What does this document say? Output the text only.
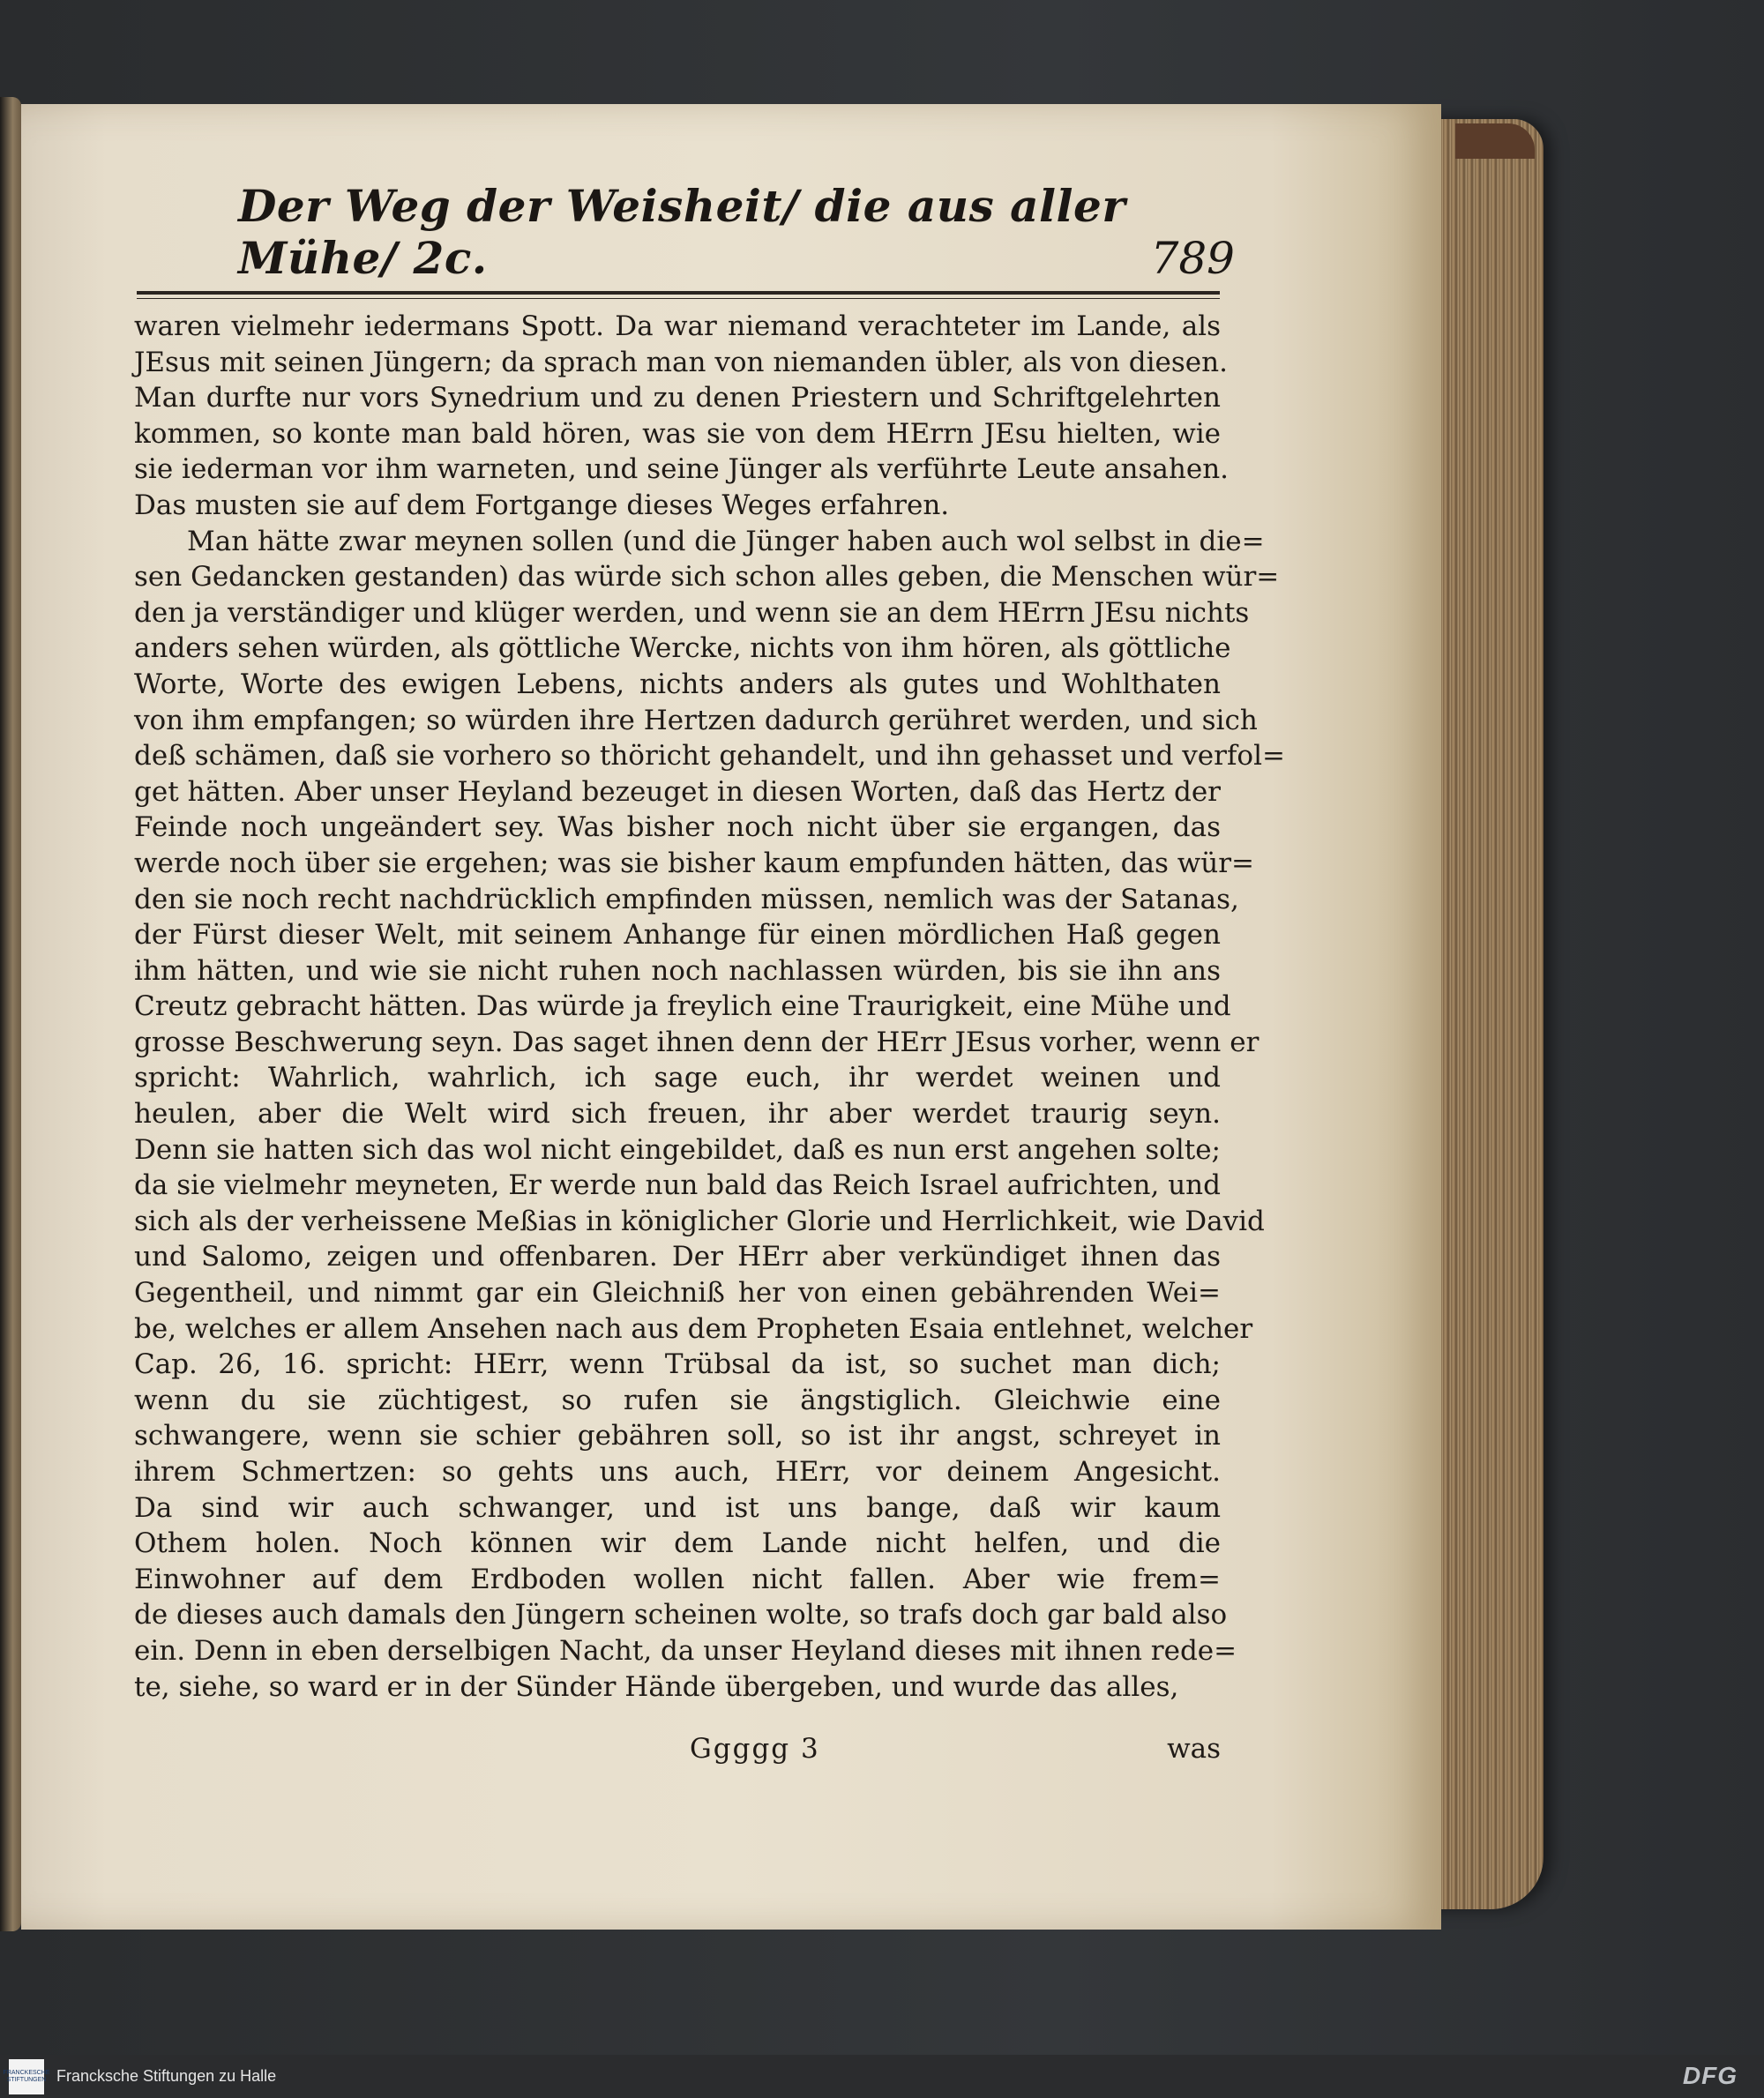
Der Weg der Weisheit/ die aus aller Mühe/ 2c.	789
waren vielmehr iedermans Spott. Da war niemand verachteter im Lande, als
JEsus mit seinen Jüngern; da sprach man von niemanden übler, als von diesen.
Man durfte nur vors Synedrium und zu denen Priestern und Schriftgelehrten
kommen, so konte man bald hören, was sie von dem HErrn JEsu hielten, wie
sie iederman vor ihm warneten, und seine Jünger als verführte Leute ansahen.
Das musten sie auf dem Fortgange dieses Weges erfahren.
Man hätte zwar meynen sollen (und die Jünger haben auch wol selbst in die=
sen Gedancken gestanden) das würde sich schon alles geben, die Menschen wür=
den ja verständiger und klüger werden, und wenn sie an dem HErrn JEsu nichts
anders sehen würden, als göttliche Wercke, nichts von ihm hören, als göttliche
Worte, Worte des ewigen Lebens, nichts anders als gutes und Wohlthaten
von ihm empfangen; so würden ihre Hertzen dadurch gerühret werden, und sich
deß schämen, daß sie vorhero so thöricht gehandelt, und ihn gehasset und verfol=
get hätten. Aber unser Heyland bezeuget in diesen Worten, daß das Hertz der
Feinde noch ungeändert sey. Was bisher noch nicht über sie ergangen, das
werde noch über sie ergehen; was sie bisher kaum empfunden hätten, das wür=
den sie noch recht nachdrücklich empfinden müssen, nemlich was der Satanas,
der Fürst dieser Welt, mit seinem Anhange für einen mördlichen Haß gegen
ihm hätten, und wie sie nicht ruhen noch nachlassen würden, bis sie ihn ans
Creutz gebracht hätten. Das würde ja freylich eine Traurigkeit, eine Mühe und
grosse Beschwerung seyn. Das saget ihnen denn der HErr JEsus vorher, wenn er
spricht: Wahrlich, wahrlich, ich sage euch, ihr werdet weinen und
heulen, aber die Welt wird sich freuen, ihr aber werdet traurig seyn.
Denn sie hatten sich das wol nicht eingebildet, daß es nun erst angehen solte;
da sie vielmehr meyneten, Er werde nun bald das Reich Israel aufrichten, und
sich als der verheissene Meßias in königlicher Glorie und Herrlichkeit, wie David
und Salomo, zeigen und offenbaren. Der HErr aber verkündiget ihnen das
Gegentheil, und nimmt gar ein Gleichniß her von einen gebährenden Wei=
be, welches er allem Ansehen nach aus dem Propheten Esaia entlehnet, welcher
Cap. 26, 16. spricht: HErr, wenn Trübsal da ist, so suchet man dich;
wenn du sie züchtigest, so rufen sie ängstiglich. Gleichwie eine
schwangere, wenn sie schier gebähren soll, so ist ihr angst, schreyet in
ihrem Schmertzen: so gehts uns auch, HErr, vor deinem Angesicht.
Da sind wir auch schwanger, und ist uns bange, daß wir kaum
Othem holen. Noch können wir dem Lande nicht helfen, und die
Einwohner auf dem Erdboden wollen nicht fallen. Aber wie frem=
de dieses auch damals den Jüngern scheinen wolte, so trafs doch gar bald also
ein. Denn in eben derselbigen Nacht, da unser Heyland dieses mit ihnen rede=
te, siehe, so ward er in der Sünder Hände übergeben, und wurde das alles,
Ggggg 3	was
FRANCKESCHE STIFTUNGEN Francksche Stiftungen zu Halle	DFG
